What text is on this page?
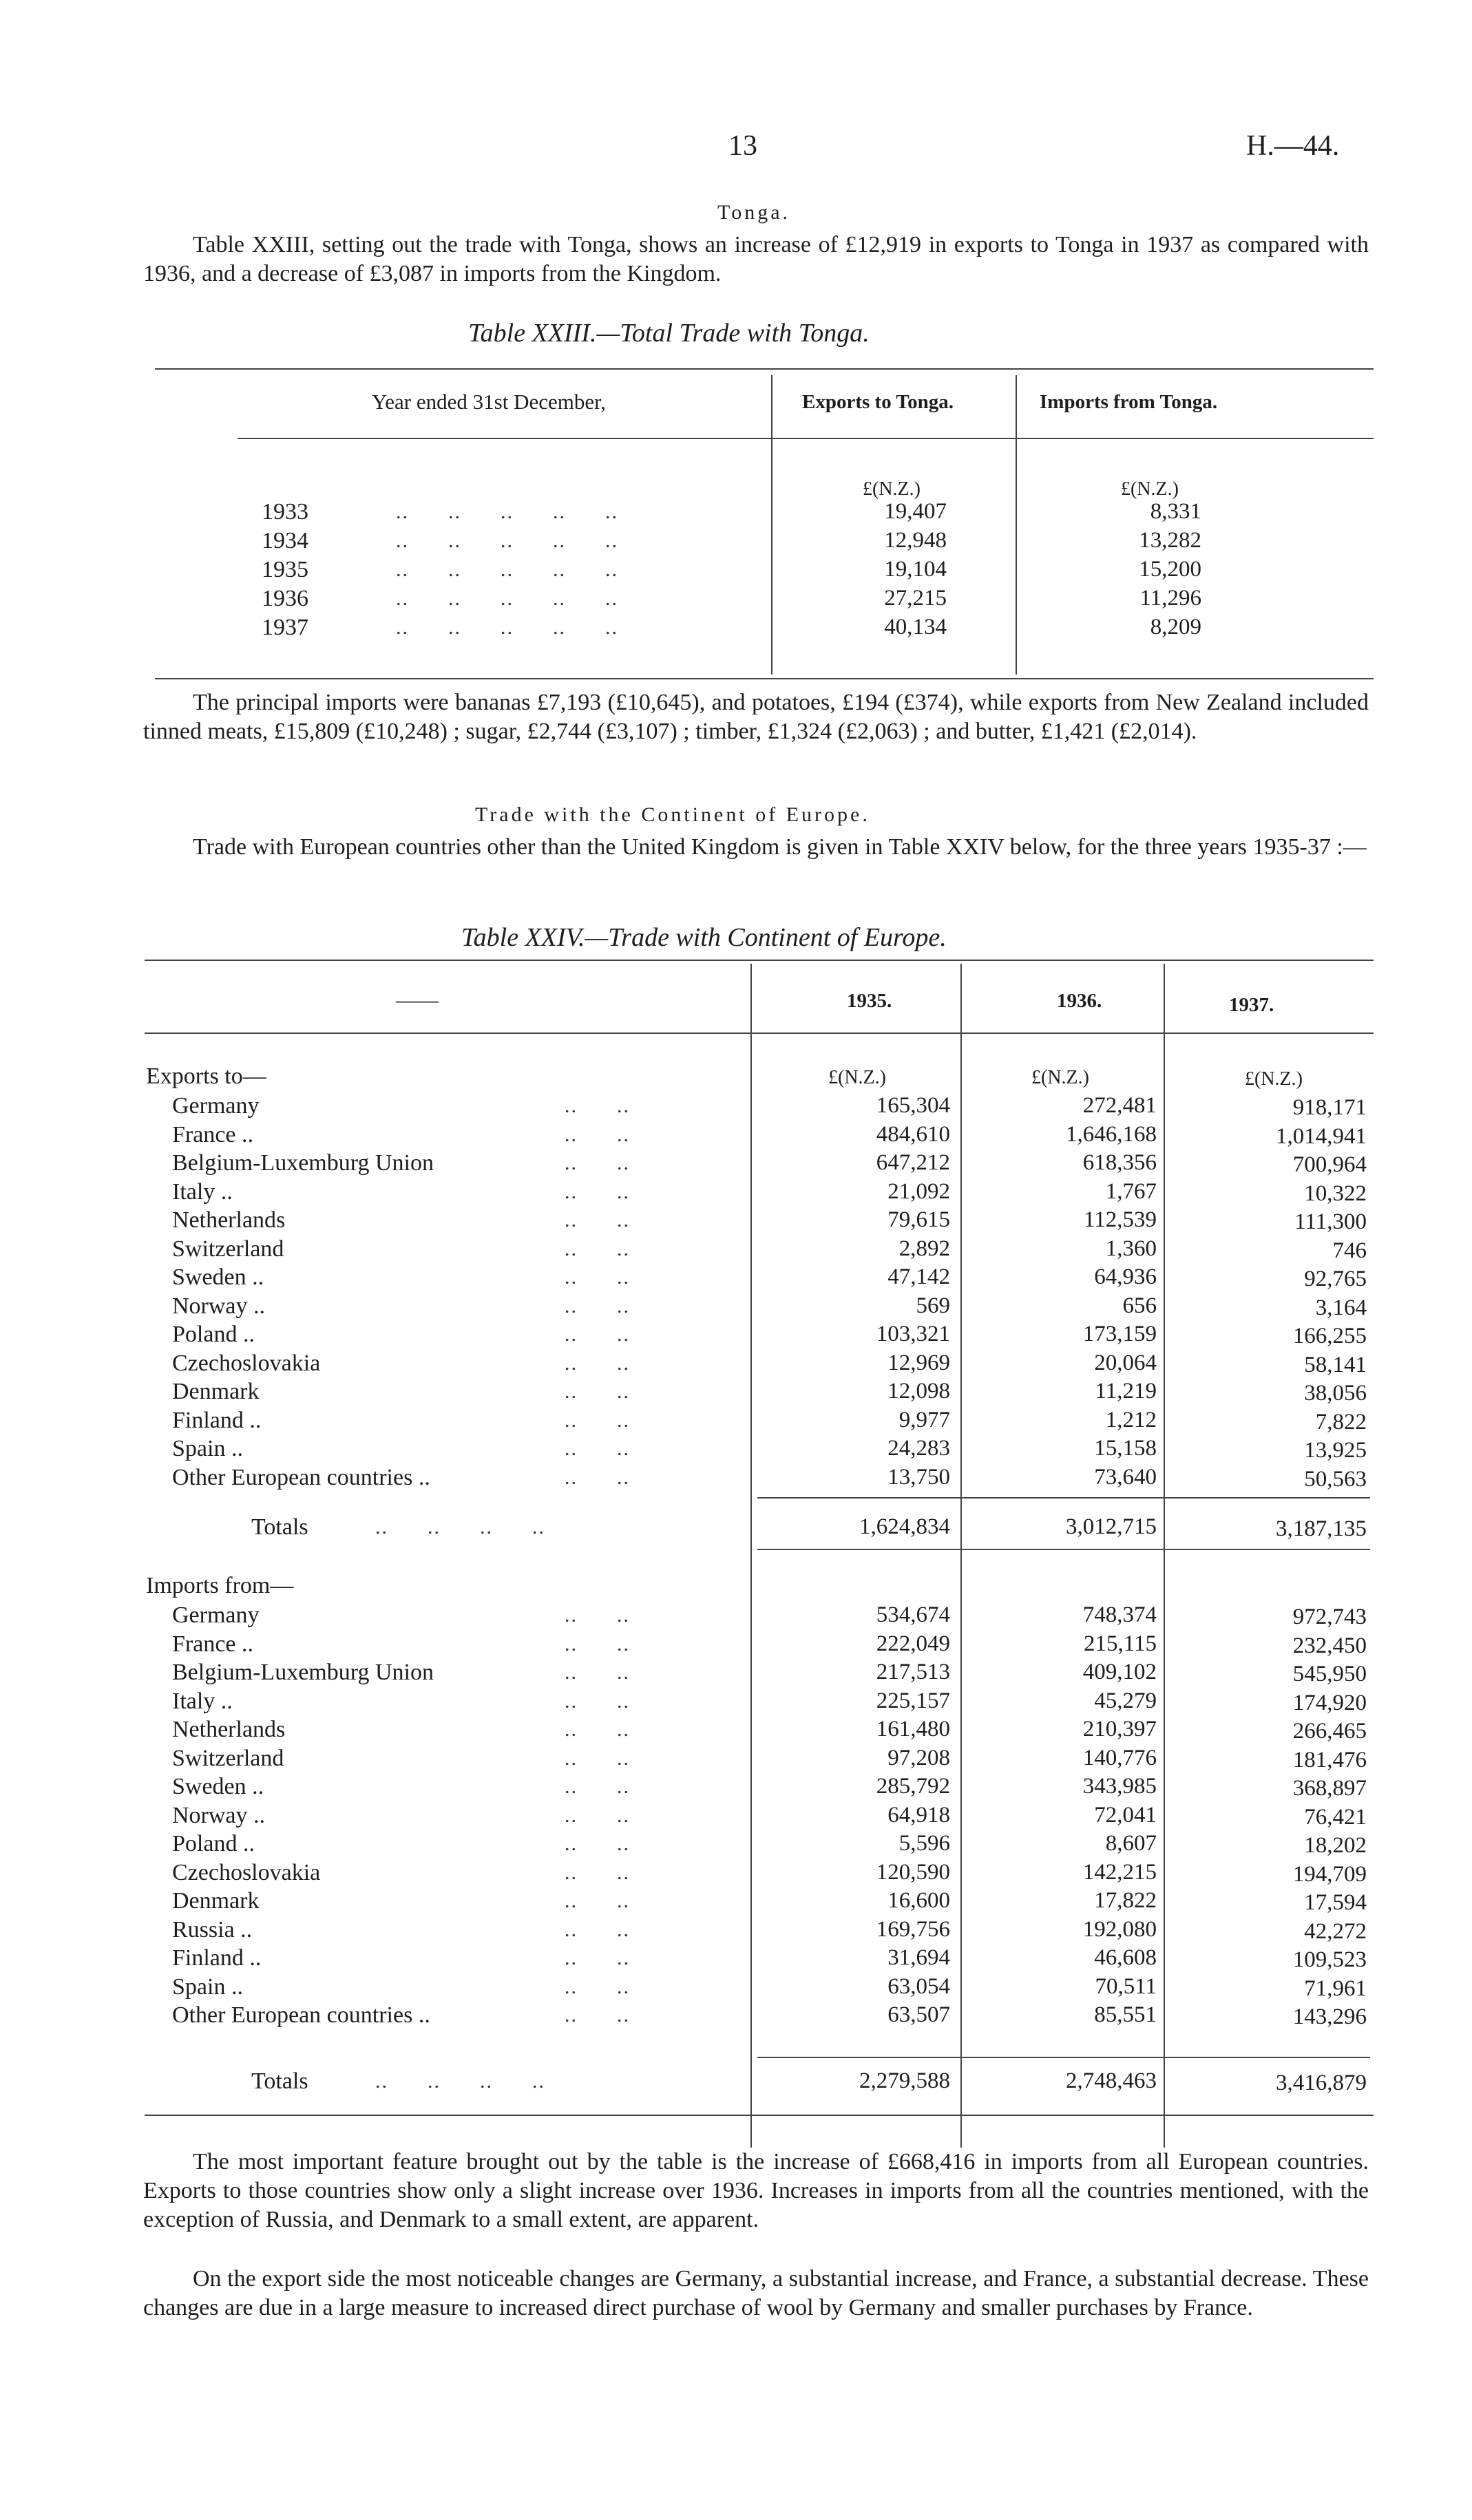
13	H.—44.
Tonga.
Table XXIII, setting out the trade with Tonga, shows an increase of £12,919 in exports to Tonga in 1937 as compared with 1936, and a decrease of £3,087 in imports from the Kingdom.
Table XXIII.—Total Trade with Tonga.
Year ended 31st December,	Exports to Tonga.	Imports from Tonga.
£(N.Z.)	£(N.Z.)
1933	..      ..      ..      ..      ..	19,407	8,331
1934	..      ..      ..      ..      ..	12,948	13,282
1935	..      ..      ..      ..      ..	19,104	15,200
1936	..      ..      ..      ..      ..	27,215	11,296
1937	..      ..      ..      ..      ..	40,134	8,209
The principal imports were bananas £7,193 (£10,645), and potatoes, £194 (£374), while exports from New Zealand included tinned meats, £15,809 (£10,248) ; sugar, £2,744 (£3,107) ; timber, £1,324 (£2,063) ; and butter, £1,421 (£2,014).
Trade with the Continent of Europe.
Trade with European countries other than the United Kingdom is given in Table XXIV below, for the three years 1935-37 :—
Table XXIV.—Trade with Continent of Europe.
——	1935.	1936.	1937.
Exports to—	£(N.Z.)	£(N.Z.)	£(N.Z.)
Germany	..      ..	165,304	272,481	918,171
France ..	..      ..	484,610	1,646,168	1,014,941
Belgium-Luxemburg Union	..      ..	647,212	618,356	700,964
Italy ..	..      ..	21,092	1,767	10,322
Netherlands	..      ..	79,615	112,539	111,300
Switzerland	..      ..	2,892	1,360	746
Sweden ..	..      ..	47,142	64,936	92,765
Norway ..	..      ..	569	656	3,164
Poland ..	..      ..	103,321	173,159	166,255
Czechoslovakia	..      ..	12,969	20,064	58,141
Denmark	..      ..	12,098	11,219	38,056
Finland ..	..      ..	9,977	1,212	7,822
Spain ..	..      ..	24,283	15,158	13,925
Other European countries ..	..      ..	13,750	73,640	50,563
Totals	..      ..      ..      ..	1,624,834	3,012,715	3,187,135
Imports from—
Germany	..      ..	534,674	748,374	972,743
France ..	..      ..	222,049	215,115	232,450
Belgium-Luxemburg Union	..      ..	217,513	409,102	545,950
Italy ..	..      ..	225,157	45,279	174,920
Netherlands	..      ..	161,480	210,397	266,465
Switzerland	..      ..	97,208	140,776	181,476
Sweden ..	..      ..	285,792	343,985	368,897
Norway ..	..      ..	64,918	72,041	76,421
Poland ..	..      ..	5,596	8,607	18,202
Czechoslovakia	..      ..	120,590	142,215	194,709
Denmark	..      ..	16,600	17,822	17,594
Russia ..	..      ..	169,756	192,080	42,272
Finland ..	..      ..	31,694	46,608	109,523
Spain ..	..      ..	63,054	70,511	71,961
Other European countries ..	..      ..	63,507	85,551	143,296
Totals	..      ..      ..      ..	2,279,588	2,748,463	3,416,879
The most important feature brought out by the table is the increase of £668,416 in imports from all European countries. Exports to those countries show only a slight increase over 1936. Increases in imports from all the countries mentioned, with the exception of Russia, and Denmark to a small extent, are apparent.
On the export side the most noticeable changes are Germany, a substantial increase, and France, a substantial decrease. These changes are due in a large measure to increased direct purchase of wool by Germany and smaller purchases by France.
